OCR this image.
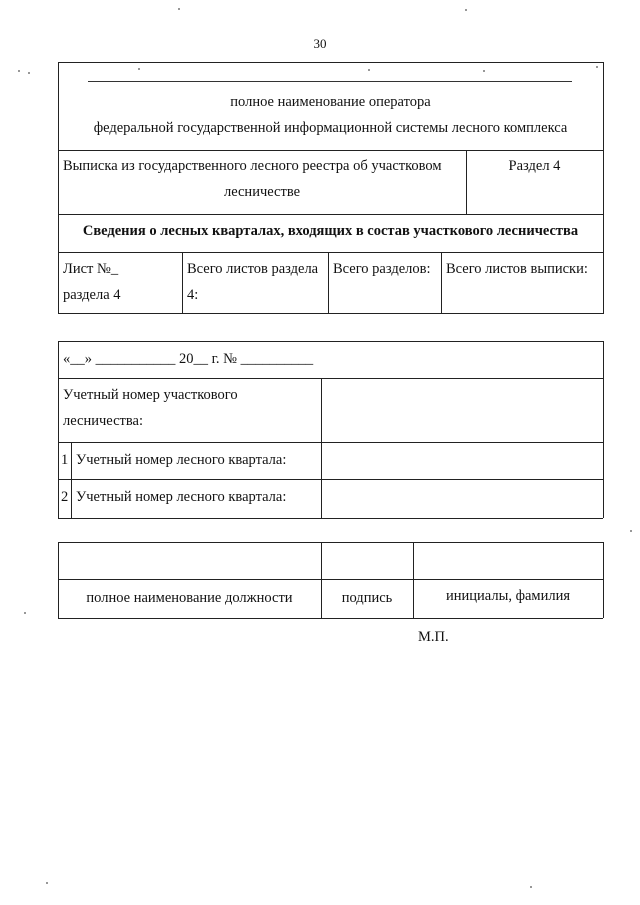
30
полное наименование оператора
федеральной государственной информационной системы лесного комплекса
Выписка из государственного лесного реестра об участковом
лесничестве
Раздел 4
Сведения о лесных кварталах, входящих в состав участкового лесничества
Лист №_
раздела 4
Всего листов раздела
4:
Всего разделов: Всего листов выписки:
«__» ___________ 20__ г. № __________
Учетный номер участкового
лесничества:
1 Учетный номер лесного квартала:
2 Учетный номер лесного квартала:
полное наименование должности	подпись	инициалы, фамилия
М.П.
